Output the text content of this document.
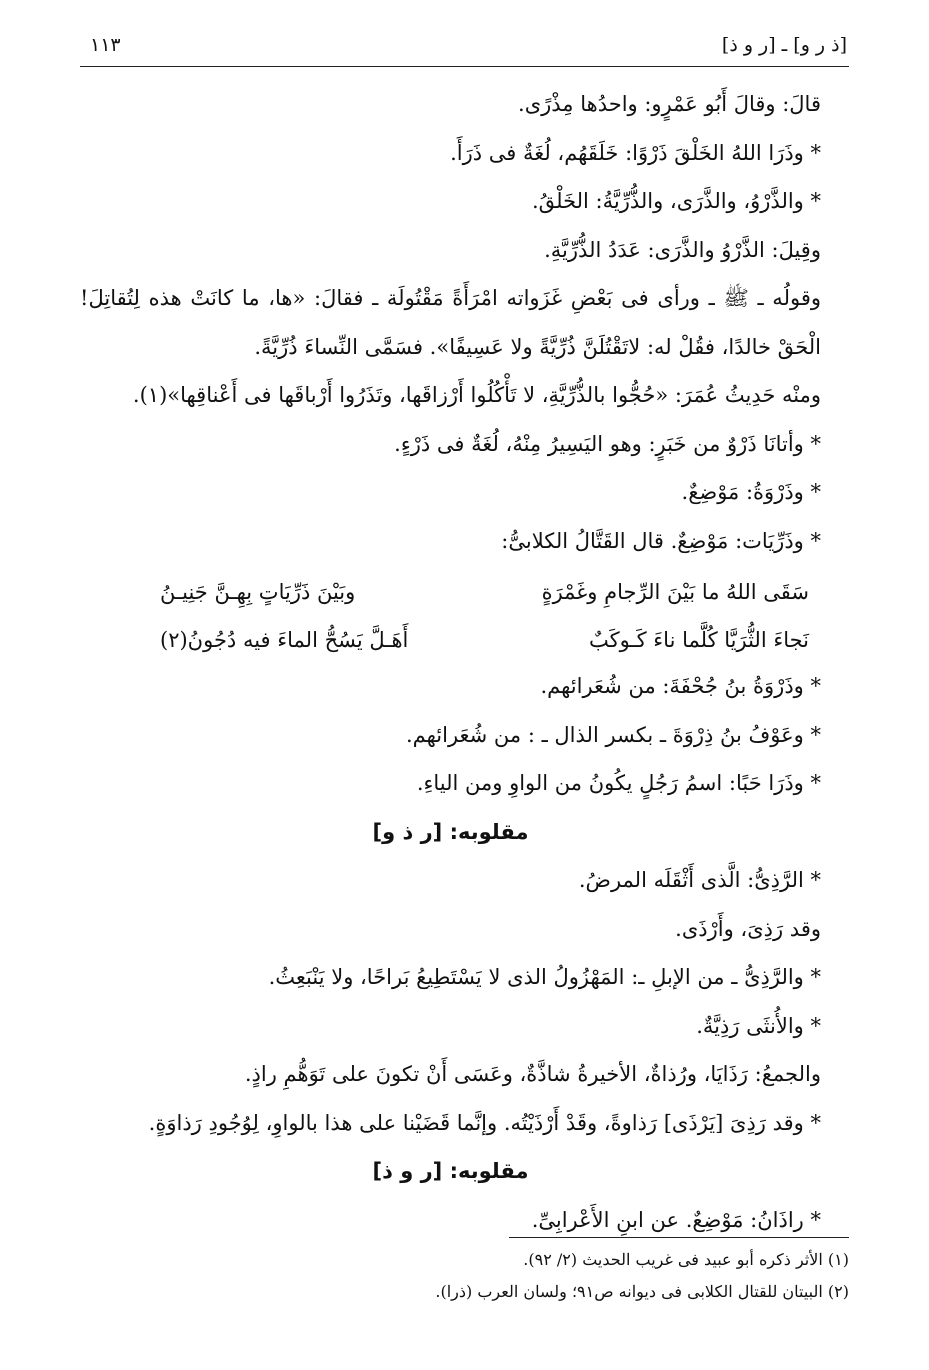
[ذ ر و] ـ [ر و ذ]
١١٣
قالَ: وقالَ أَبُو عَمْرٍو: واحدُها مِذْرًى.
* وذَرَا اللهُ الخَلْقَ ذَرْوًا: خَلَقَهُم، لُغَةٌ فى ذَرَأَ.
* والذَّرْوُ، والذَّرَى، والذُّرِّيَّةُ: الخَلْقُ.
وقِيلَ: الذَّرْوُ والذَّرَى: عَدَدُ الذُّرِّيَّةِ.
وقولُه ـ ﷺ ـ ورأى فى بَعْضِ غَزَواته امْرَأَةً مَقْتُولَة ـ فقالَ: «ها، ما كانَتْ هذه لِتُقاتِلَ!
الْحَقْ خالدًا، فقُلْ له: لاتَقْتُلَنَّ ذُرِّيَّةً ولا عَسِيفًا». فسَمَّى النِّساءَ ذُرِّيَّةً.
ومنْه حَدِيثُ عُمَرَ: «حُجُّوا بالذُّرِّيَّةِ، لا تَأْكُلُوا أَرْزاقَها، وتَذَرُوا أَرْباقَها فى أَعْناقِها»(١).
* وأتانَا ذَرْوٌ من خَبَرٍ: وهو اليَسِيرُ مِنْهُ، لُغَةٌ فى ذَرْءٍ.
* وذَرْوَةُ: مَوْضِعٌ.
* وذَرِّيَات: مَوْضِعٌ. قال القَتَّالُ الكلابىُّ:
سَقَى اللهُ ما بَيْنَ الرِّجامِ وغَمْرَةٍ
وبَيْنَ ذَرِّيَاتٍ بِهِـنَّ جَنِيـنُ
نَجاءَ الثُّرَيَّا كُلَّما ناءَ كَـوكَبٌ
أَهَـلَّ يَسُحُّ الماءَ فيه دُجُونُ(٢)
* وذَرْوَةُ بنُ جُحْفَةَ: من شُعَرائهم.
* وعَوْفُ بنُ ذِرْوَةَ ـ بكسر الذال ـ : من شُعَرائهم.
* وذَرَا حَبًا: اسمُ رَجُلٍ يكُونُ من الواوِ ومن الياءِ.
مقلوبه: [ر ذ و]
* الرَّذِىُّ: الَّذى أَثْقَلَه المرضُ.
وقد رَذِىَ، وأَرْذَى.
* والرَّذِىُّ ـ من الإبلِ ـ: المَهْزُولُ الذى لا يَسْتَطِيعُ بَراحًا، ولا يَنْبَعِثُ.
* والأُنثَى رَذِيَّةٌ.
والجمعُ: رَذَايَا، ورُذاةٌ، الأخيرةُ شاذَّةٌ، وعَسَى أَنْ تكونَ على تَوَهُّمِ راذٍ.
* وقد رَذِىَ [يَرْذَى] رَذاوةً، وقَدْ أَرْذَيْتُه. وإنَّما قَضَيْنا على هذا بالواوِ، لِوُجُودِ رَذاوَةٍ.
مقلوبه: [ر و ذ]
* راذَانُ: مَوْضِعٌ. عن ابنِ الأَعْرابِىِّ.
(١) الأثر ذكره أبو عبيد فى غريب الحديث (٢/ ٩٢).
(٢) البيتان للقتال الكلابى فى ديوانه ص٩١؛ ولسان العرب (ذرا).
